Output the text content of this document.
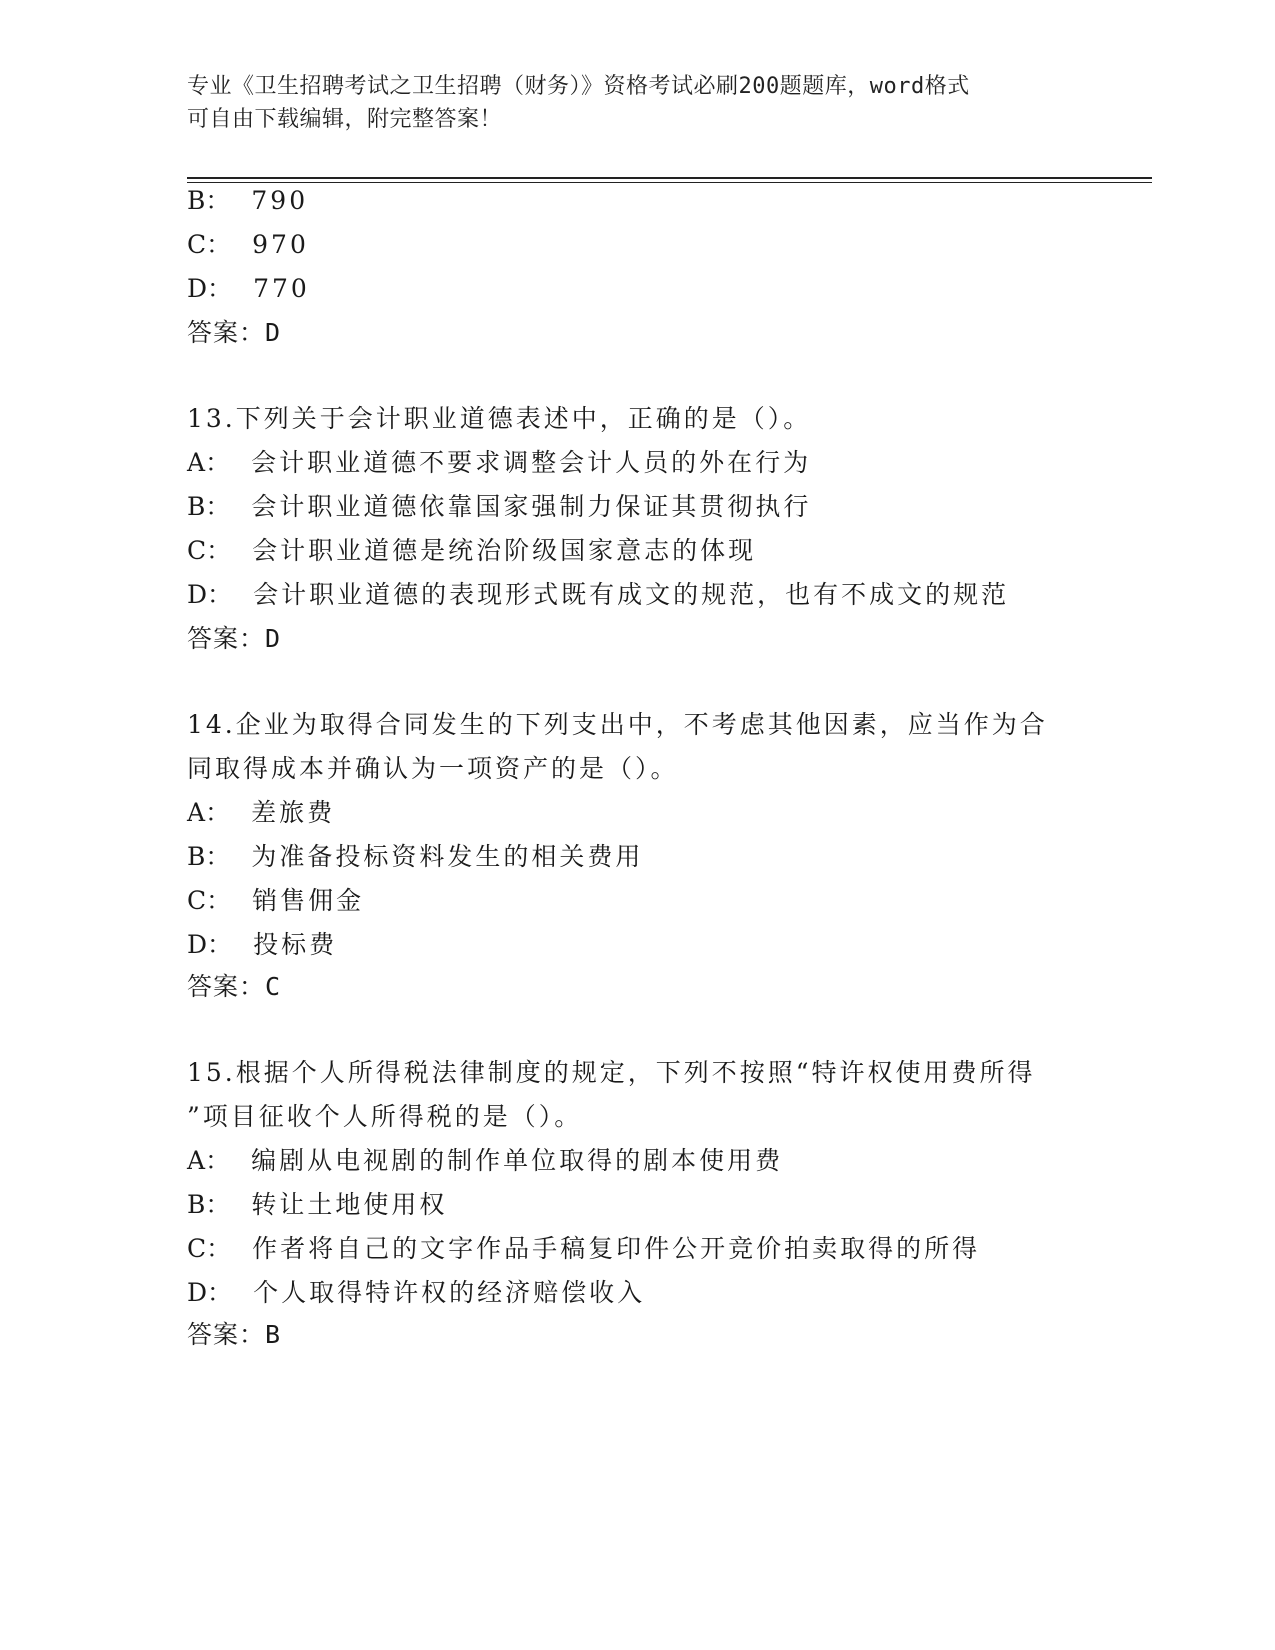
专业《卫生招聘考试之卫生招聘（财务）》资格考试必刷200题题库，word格式
可自由下载编辑，附完整答案！
B： 790
C： 970
D： 770
答案：D
13.下列关于会计职业道德表述中，正确的是（）。
A： 会计职业道德不要求调整会计人员的外在行为
B： 会计职业道德依靠国家强制力保证其贯彻执行
C： 会计职业道德是统治阶级国家意志的体现
D： 会计职业道德的表现形式既有成文的规范，也有不成文的规范
答案：D
14.企业为取得合同发生的下列支出中，不考虑其他因素，应当作为合
同取得成本并确认为一项资产的是（）。
A： 差旅费
B： 为准备投标资料发生的相关费用
C： 销售佣金
D： 投标费
答案：C
15.根据个人所得税法律制度的规定，下列不按照“特许权使用费所得
”项目征收个人所得税的是（）。
A： 编剧从电视剧的制作单位取得的剧本使用费
B： 转让土地使用权
C： 作者将自己的文字作品手稿复印件公开竞价拍卖取得的所得
D： 个人取得特许权的经济赔偿收入
答案：B
